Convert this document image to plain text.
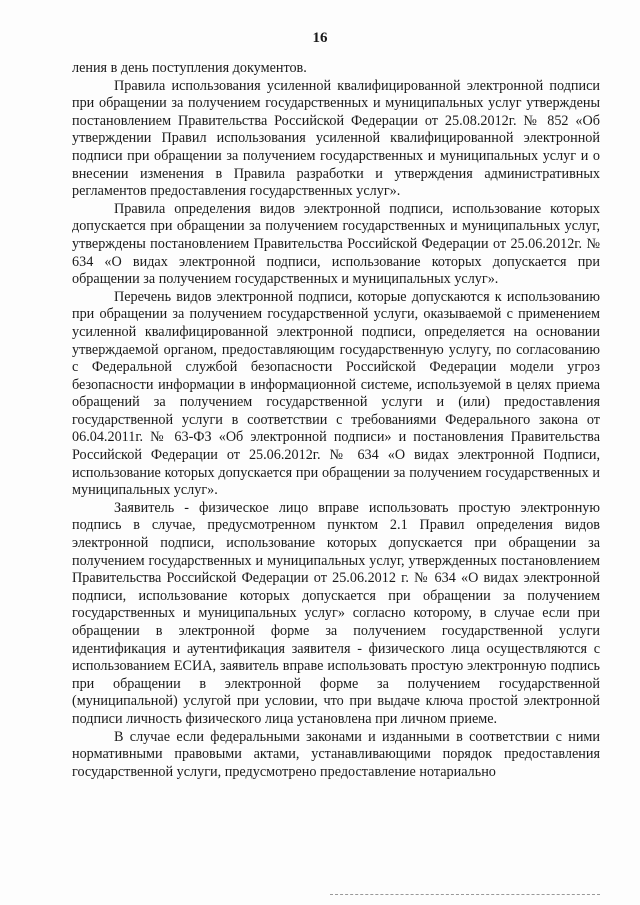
16

ления в день поступления документов.

Правила использования усиленной квалифицированной электронной подписи при обращении за получением государственных и муниципальных услуг утверждены постановлением Правительства Российской Федерации от 25.08.2012г. № 852 «Об утверждении Правил использования усиленной квалифицированной электронной подписи при обращении за получением государственных и муниципальных услуг и о внесении изменения в Правила разработки и утверждения административных регламентов предоставления государственных услуг».

Правила определения видов электронной подписи, использование которых допускается при обращении за получением государственных и муниципальных услуг, утверждены постановлением Правительства Российской Федерации от 25.06.2012г. № 634 «О видах электронной подписи, использование которых допускается при обращении за получением государственных и муниципальных услуг».

Перечень видов электронной подписи, которые допускаются к использованию при обращении за получением государственной услуги, оказываемой с применением усиленной квалифицированной электронной подписи, определяется на основании утверждаемой органом, предоставляющим государственную услугу, по согласованию с Федеральной службой безопасности Российской Федерации модели угроз безопасности информации в информационной системе, используемой в целях приема обращений за получением государственной услуги и (или) предоставления государственной услуги в соответствии с требованиями Федерального закона от 06.04.2011г. № 63-ФЗ «Об электронной подписи» и постановления Правительства Российской Федерации от 25.06.2012г. № 634 «О видах электронной Подписи, использование которых допускается при обращении за получением государственных и муниципальных услуг».

Заявитель - физическое лицо вправе использовать простую электронную подпись в случае, предусмотренном пунктом 2.1 Правил определения видов электронной подписи, использование которых допускается при обращении за получением государственных и муниципальных услуг, утвержденных постановлением Правительства Российской Федерации от 25.06.2012 г. № 634 «О видах электронной подписи, использование которых допускается при обращении за получением государственных и муниципальных услуг» согласно которому, в случае если при обращении в электронной форме за получением государственной услуги идентификация и аутентификация заявителя - физического лица осуществляются с использованием ЕСИА, заявитель вправе использовать простую электронную подпись при обращении в электронной форме за получением государственной (муниципальной) услугой при условии, что при выдаче ключа простой электронной подписи личность физического лица установлена при личном приеме.

В случае если федеральными законами и изданными в соответствии с ними нормативными правовыми актами, устанавливающими порядок предоставления государственной услуги, предусмотрено предоставление нотариально
